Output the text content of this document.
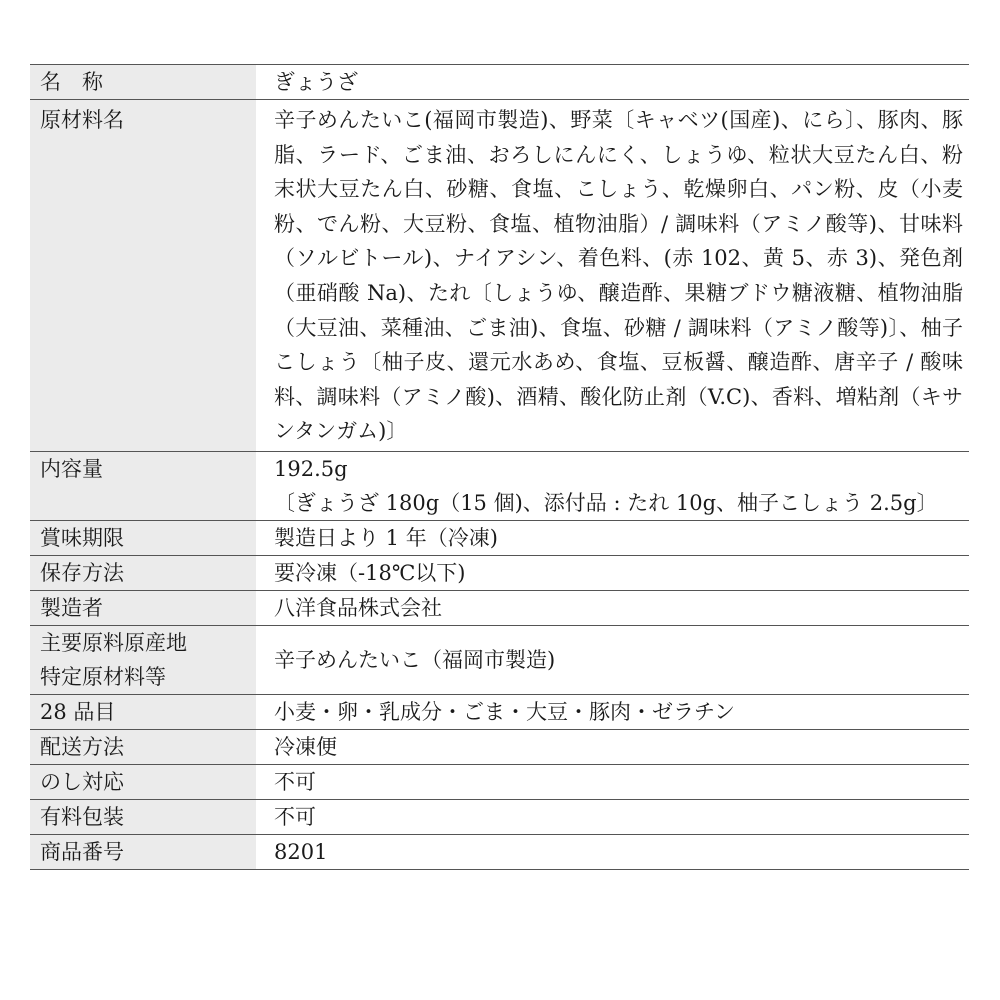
名　称	ぎょうざ
原材料名	辛子めんたいこ(福岡市製造)、野菜〔キャベツ(国産)、にら〕、豚肉、豚脂、ラード、ごま油、おろしにんにく、しょうゆ、粒状大豆たん白、粉末状大豆たん白、砂糖、食塩、こしょう、乾燥卵白、パン粉、皮（小麦粉、でん粉、大豆粉、食塩、植物油脂）/ 調味料（アミノ酸等)、甘味料（ソルビトール)、ナイアシン、着色料、(赤 102、黄 5、赤 3)、発色剤（亜硝酸 Na)、たれ〔しょうゆ、醸造酢、果糖ブドウ糖液糖、植物油脂（大豆油、菜種油、ごま油)、食塩、砂糖 / 調味料（アミノ酸等)〕、柚子こしょう〔柚子皮、還元水あめ、食塩、豆板醤、醸造酢、唐辛子 / 酸味料、調味料（アミノ酸)、酒精、酸化防止剤（V.C)、香料、増粘剤（キサンタンガム)〕
内容量	192.5g
〔ぎょうざ 180g（15 個)、添付品 : たれ 10g、柚子こしょう 2.5g〕
賞味期限	製造日より 1 年（冷凍)
保存方法	要冷凍（-18℃以下)
製造者	八洋食品株式会社
主要原料原産地
特定原材料等	辛子めんたいこ（福岡市製造)
28 品目	小麦・卵・乳成分・ごま・大豆・豚肉・ゼラチン
配送方法	冷凍便
のし対応	不可
有料包装	不可
商品番号	8201
